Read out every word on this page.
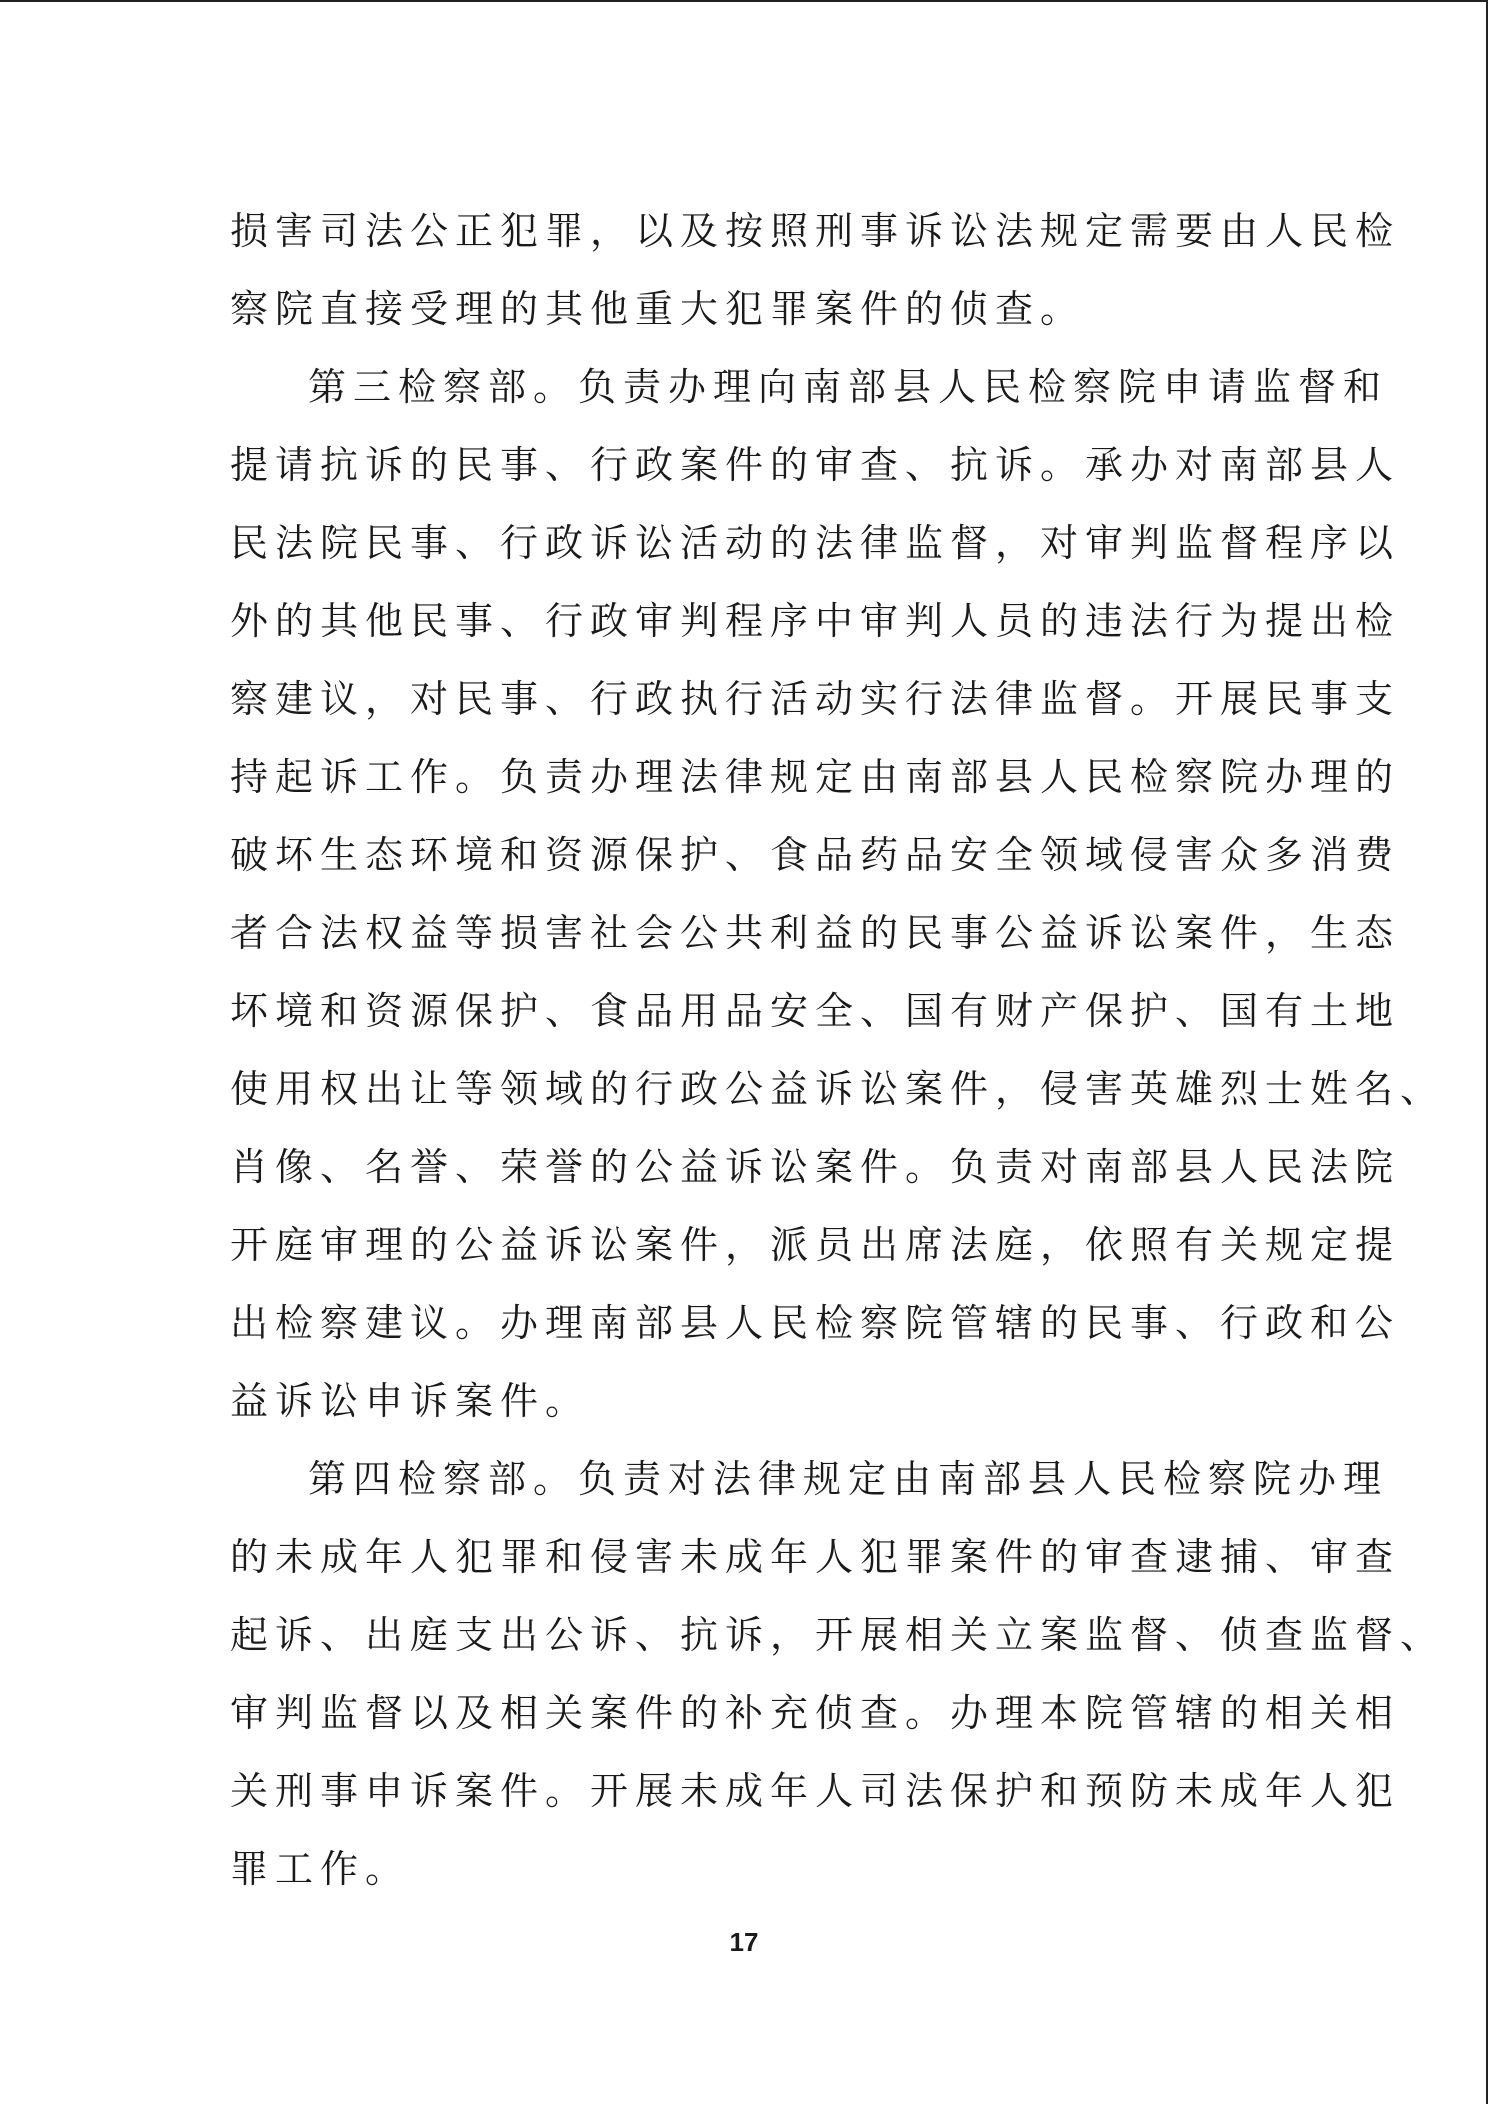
损害司法公正犯罪，以及按照刑事诉讼法规定需要由人民检
察院直接受理的其他重大犯罪案件的侦查。
第三检察部。负责办理向南部县人民检察院申请监督和
提请抗诉的民事、行政案件的审查、抗诉。承办对南部县人
民法院民事、行政诉讼活动的法律监督，对审判监督程序以
外的其他民事、行政审判程序中审判人员的违法行为提出检
察建议，对民事、行政执行活动实行法律监督。开展民事支
持起诉工作。负责办理法律规定由南部县人民检察院办理的
破坏生态环境和资源保护、食品药品安全领域侵害众多消费
者合法权益等损害社会公共利益的民事公益诉讼案件，生态
坏境和资源保护、食品用品安全、国有财产保护、国有土地
使用权出让等领域的行政公益诉讼案件，侵害英雄烈士姓名、
肖像、名誉、荣誉的公益诉讼案件。负责对南部县人民法院
开庭审理的公益诉讼案件，派员出席法庭，依照有关规定提
出检察建议。办理南部县人民检察院管辖的民事、行政和公
益诉讼申诉案件。
第四检察部。负责对法律规定由南部县人民检察院办理
的未成年人犯罪和侵害未成年人犯罪案件的审查逮捕、审查
起诉、出庭支出公诉、抗诉，开展相关立案监督、侦查监督、
审判监督以及相关案件的补充侦查。办理本院管辖的相关相
关刑事申诉案件。开展未成年人司法保护和预防未成年人犯
罪工作。
17
